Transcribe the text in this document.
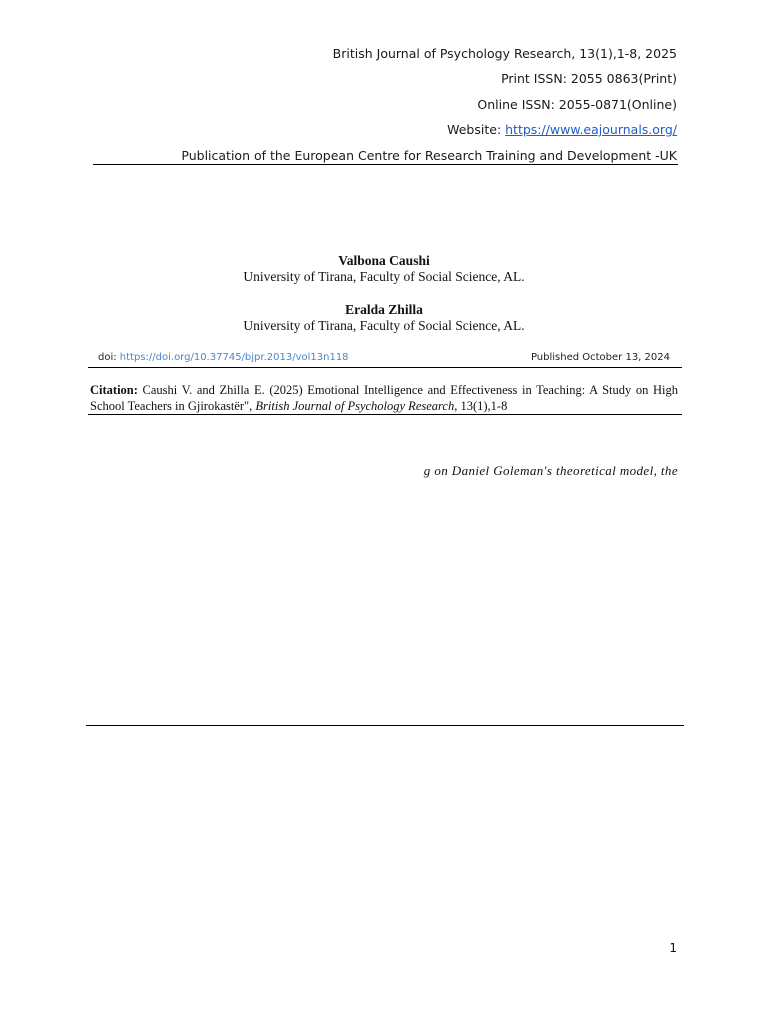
British Journal of Psychology Research, 13(1),1-8, 2025
Print ISSN: 2055 0863(Print)
Online ISSN: 2055-0871(Online)
Website: https://www.eajournals.org/
Publication of the European Centre for Research Training and Development -UK
Valbona Caushi
University of Tirana, Faculty of Social Science, AL.
Eralda Zhilla
University of Tirana, Faculty of Social Science, AL.
doi: https://doi.org/10.37745/bjpr.2013/vol13n118	Published October 13, 2024
Citation: Caushi V. and Zhilla E. (2025) Emotional Intelligence and Effectiveness in Teaching: A Study on High School Teachers in Gjirokastër", British Journal of Psychology Research, 13(1),1-8
g on Daniel Goleman's theoretical model, the
1
